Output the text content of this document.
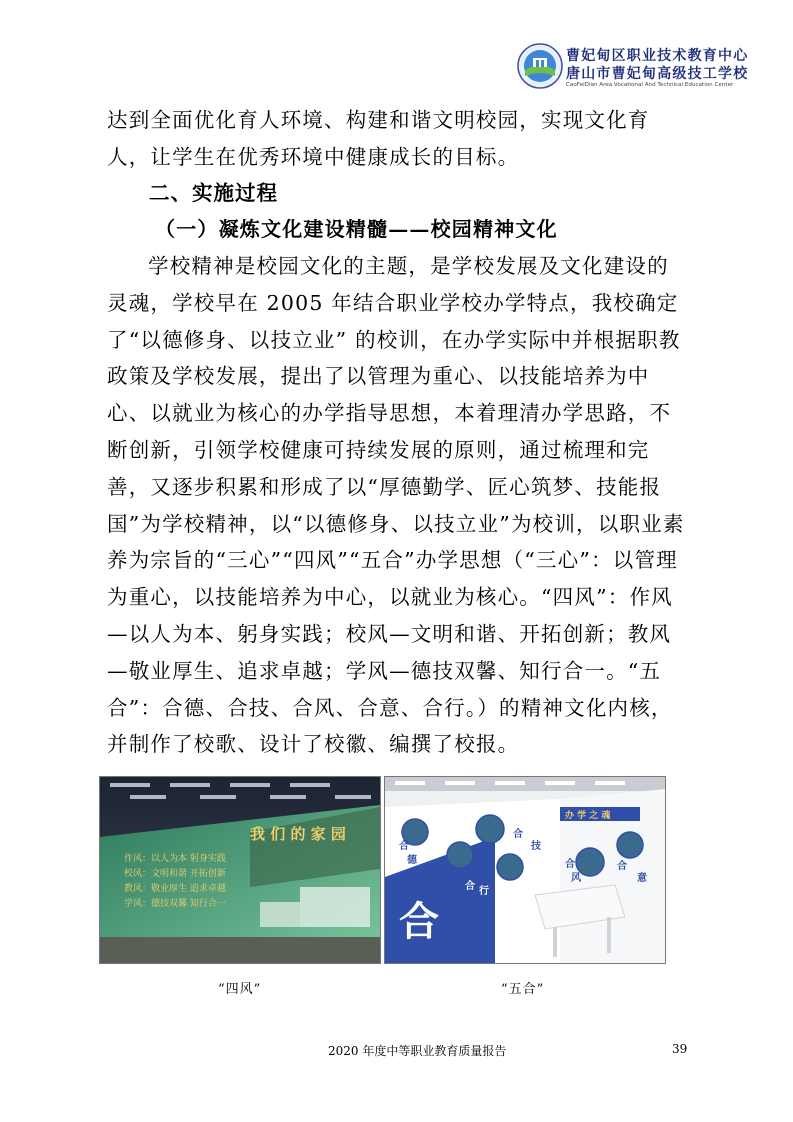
曹妃甸区职业技术教育中心
唐山市曹妃甸高级技工学校
CaoFeiDian Area Vocational And Technical Education Center

达到全面优化育人环境、构建和谐文明校园，实现文化育人，让学生在优秀环境中健康成长的目标。

二、实施过程
（一）凝炼文化建设精髓——校园精神文化

学校精神是校园文化的主题，是学校发展及文化建设的灵魂，学校早在 2005 年结合职业学校办学特点，我校确定了“以德修身、以技立业” 的校训，在办学实际中并根据职教政策及学校发展，提出了以管理为重心、以技能培养为中心、以就业为核心的办学指导思想，本着理清办学思路，不断创新，引领学校健康可持续发展的原则，通过梳理和完善，又逐步积累和形成了以“厚德勤学、匠心筑梦、技能报国”为学校精神，以“以德修身、以技立业”为校训，以职业素养为宗旨的“三心”“四风”“五合”办学思想（“三心”：以管理为重心，以技能培养为中心，以就业为核心。“四风”：作风—以人为本、躬身实践；校风—文明和谐、开拓创新；教风—敬业厚生、追求卓越；学风—德技双馨、知行合一。“五合”：合德、合技、合风、合意、合行。）的精神文化内核，并制作了校歌、设计了校徽、编撰了校报。

我 们 的 家 园
作风：以人为本 躬身实践
校风：文明和谐 开拓创新
教风：敬业厚生 追求卓越
学风：德技双馨 知行合一
办 学 之 魂
合
德
合
技
合 行
合
风
合
意
合
“四风”	“五合”
2020 年度中等职业教育质量报告	39
